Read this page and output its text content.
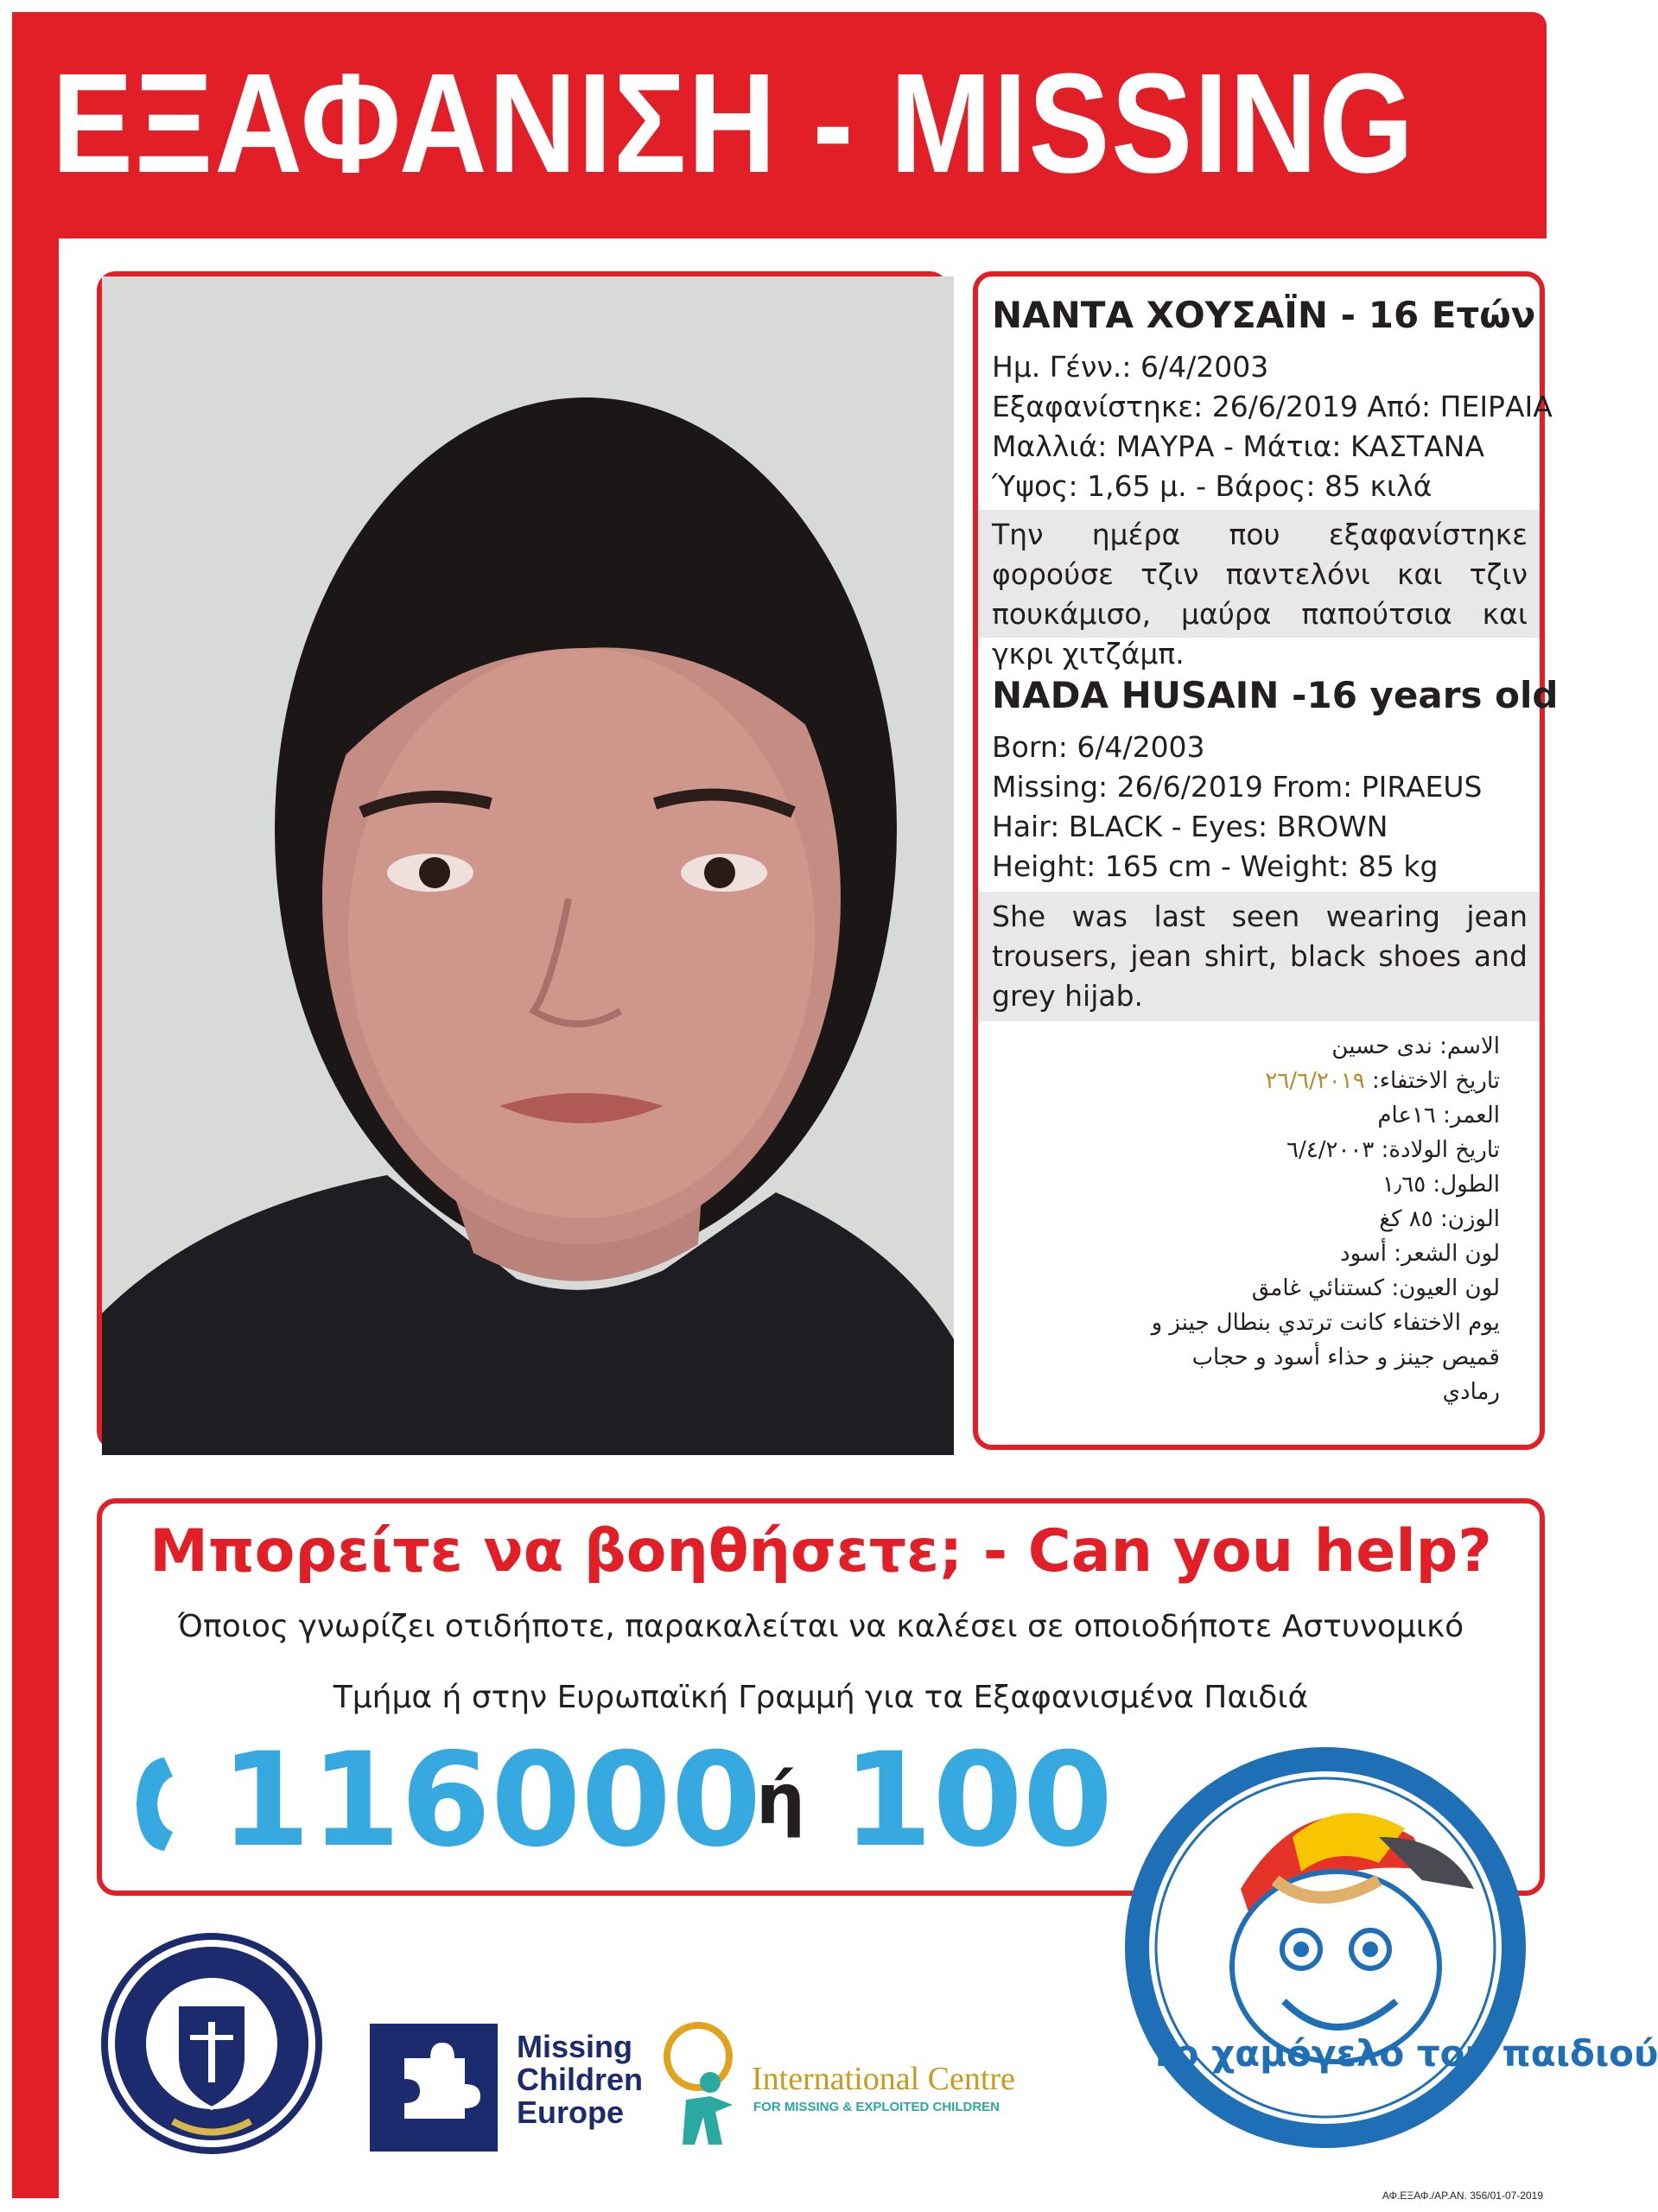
ΕΞΑΦΑΝΙΣΗ - MISSING
ΝΑΝΤΑ ΧΟΥΣΑΪΝ - 16 Ετών
Ημ. Γένν.: 6/4/2003
Εξαφανίστηκε: 26/6/2019 Από: ΠΕΙΡΑΙΑ
Μαλλιά: ΜΑΥΡΑ - Μάτια: ΚΑΣΤΑΝΑ
Ύψος: 1,65 μ. - Βάρος: 85 κιλά
Την ημέρα που εξαφανίστηκε φορούσε τζιν παντελόνι και τζιν πουκάμισο, μαύρα παπούτσια και γκρι χιτζάμπ.
NADA HUSAIN -16 years old
Born: 6/4/2003
Missing: 26/6/2019 From: PIRAEUS
Hair: BLACK - Eyes: BROWN
Height: 165 cm - Weight: 85 kg
She was last seen wearing jean trousers, jean shirt, black shoes and grey hijab.
الاسم: ندى حسين
تاريخ الاختفاء: ٢٦/٦/٢٠١٩
العمر: ١٦عام
تاريخ الولادة: ٦/٤/٢٠٠٣
الطول: ١٫٦٥
الوزن: ٨٥ كغ
لون الشعر: أسود
لون العيون: كستنائي غامق
يوم الاختفاء كانت ترتدي بنطال جينز و
قميص جينز و حذاء أسود و حجاب
رمادي
Μπορείτε να βοηθήσετε; - Can you help?
Όποιος γνωρίζει οτιδήποτε, παρακαλείται να καλέσει σε οποιοδήποτε Αστυνομικό
Τμήμα ή στην Ευρωπαϊκή Γραμμή για τα Εξαφανισμένα Παιδιά
116000
ή 100
Το χαμόγελο του παιδιού
Missing
Children
Europe
International Centre
FOR MISSING & EXPLOITED CHILDREN
ΑΦ.ΕΞΑΦ./ΑΡ.ΑΝ. 356/01-07-2019
